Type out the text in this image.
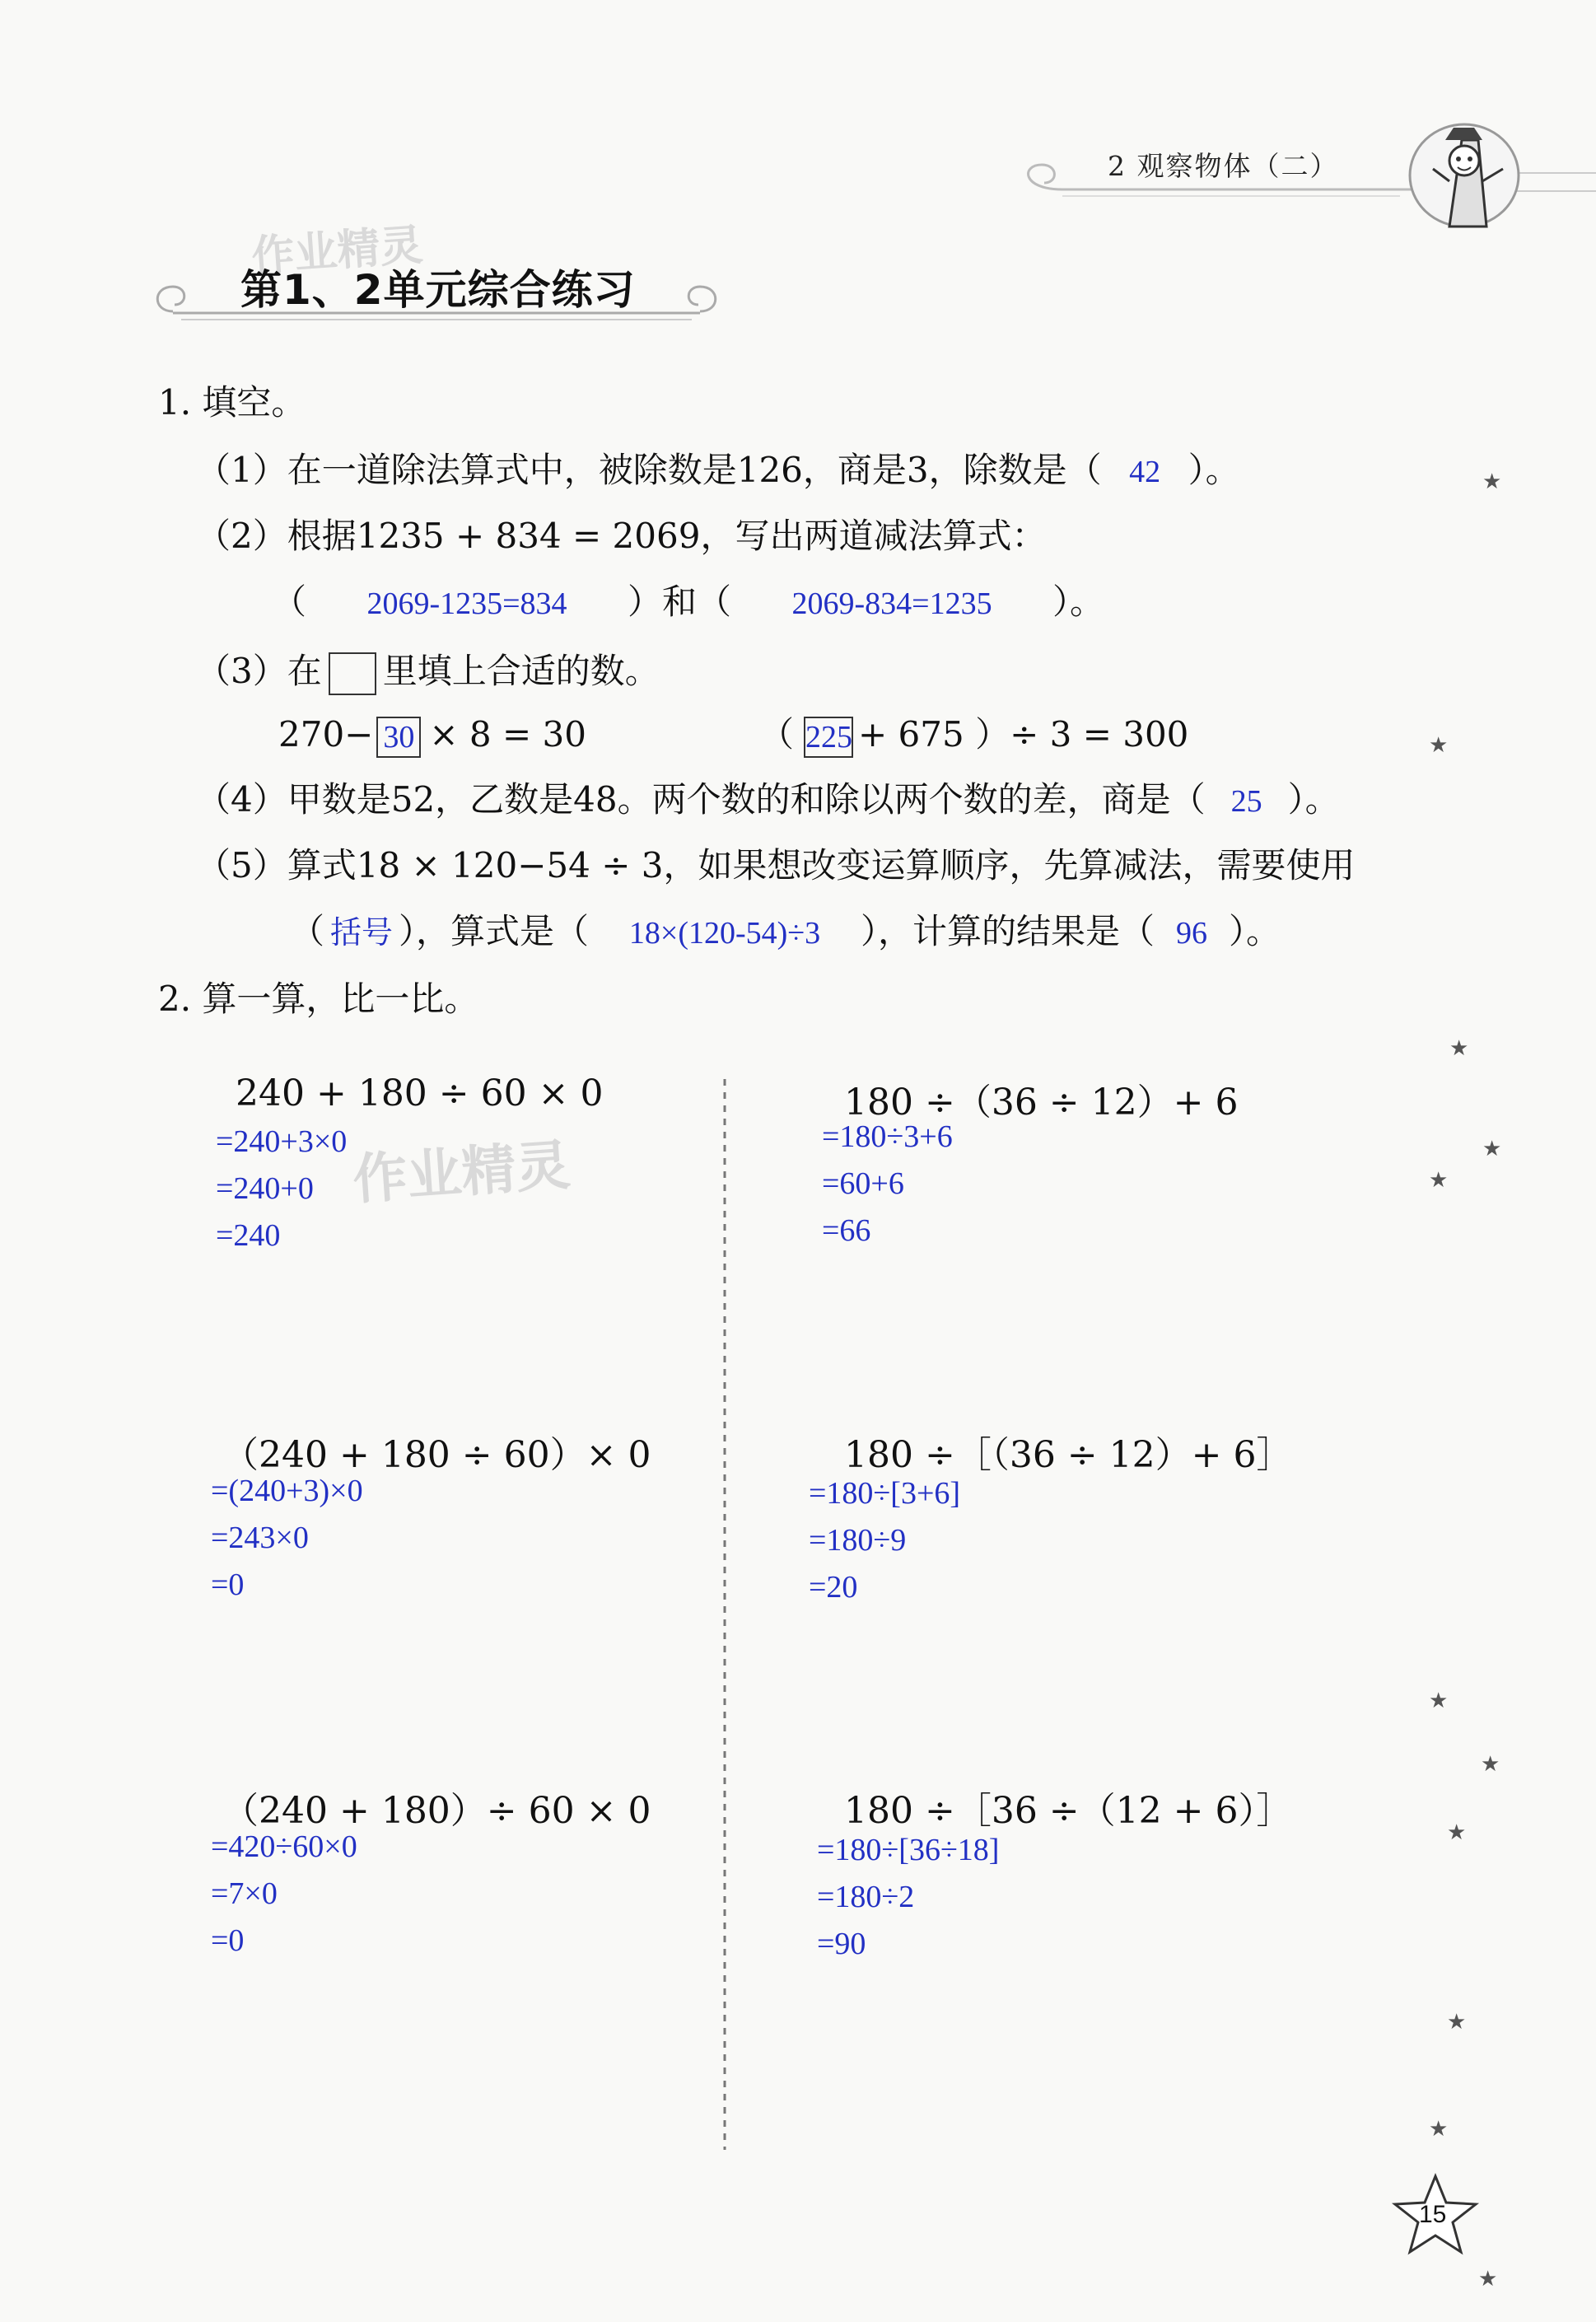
2 观察物体（二）
作业精灵
第1、2单元综合练习
1. 填空。
（1）在一道除法算式中，被除数是126，商是3，除数是（ 42 ）。
（2）根据1235 + 834 = 2069，写出两道减法算式：
（ 2069-1235=834 ）和（ 2069-834=1235 ）。
（3）在 里填上合适的数。
270− 30 × 8 = 30	（ 225 + 675 ）÷ 3 = 300
（4）甲数是52，乙数是48。两个数的和除以两个数的差，商是（ 25 ）。
（5）算式18 × 120−54 ÷ 3，如果想改变运算顺序，先算减法，需要使用
（ 括号 ），算式是（ 18×(120-54)÷3 ），计算的结果是（ 96 ）。
2. 算一算，比一比。
作业精灵
240 + 180 ÷ 60 × 0
=240+3×0
=240+0
=240
180 ÷（36 ÷ 12）+ 6
=180÷3+6
=60+6
=66
（240 + 180 ÷ 60）× 0
=(240+3)×0
=243×0
=0
180 ÷［（36 ÷ 12）+ 6］
=180÷[3+6]
=180÷9
=20
（240 + 180）÷ 60 × 0
=420÷60×0
=7×0
=0
180 ÷［36 ÷（12 + 6）］
=180÷[36÷18]
=180÷2
=90
★
★
★
★
★
★
★
★
★
★
★
15
